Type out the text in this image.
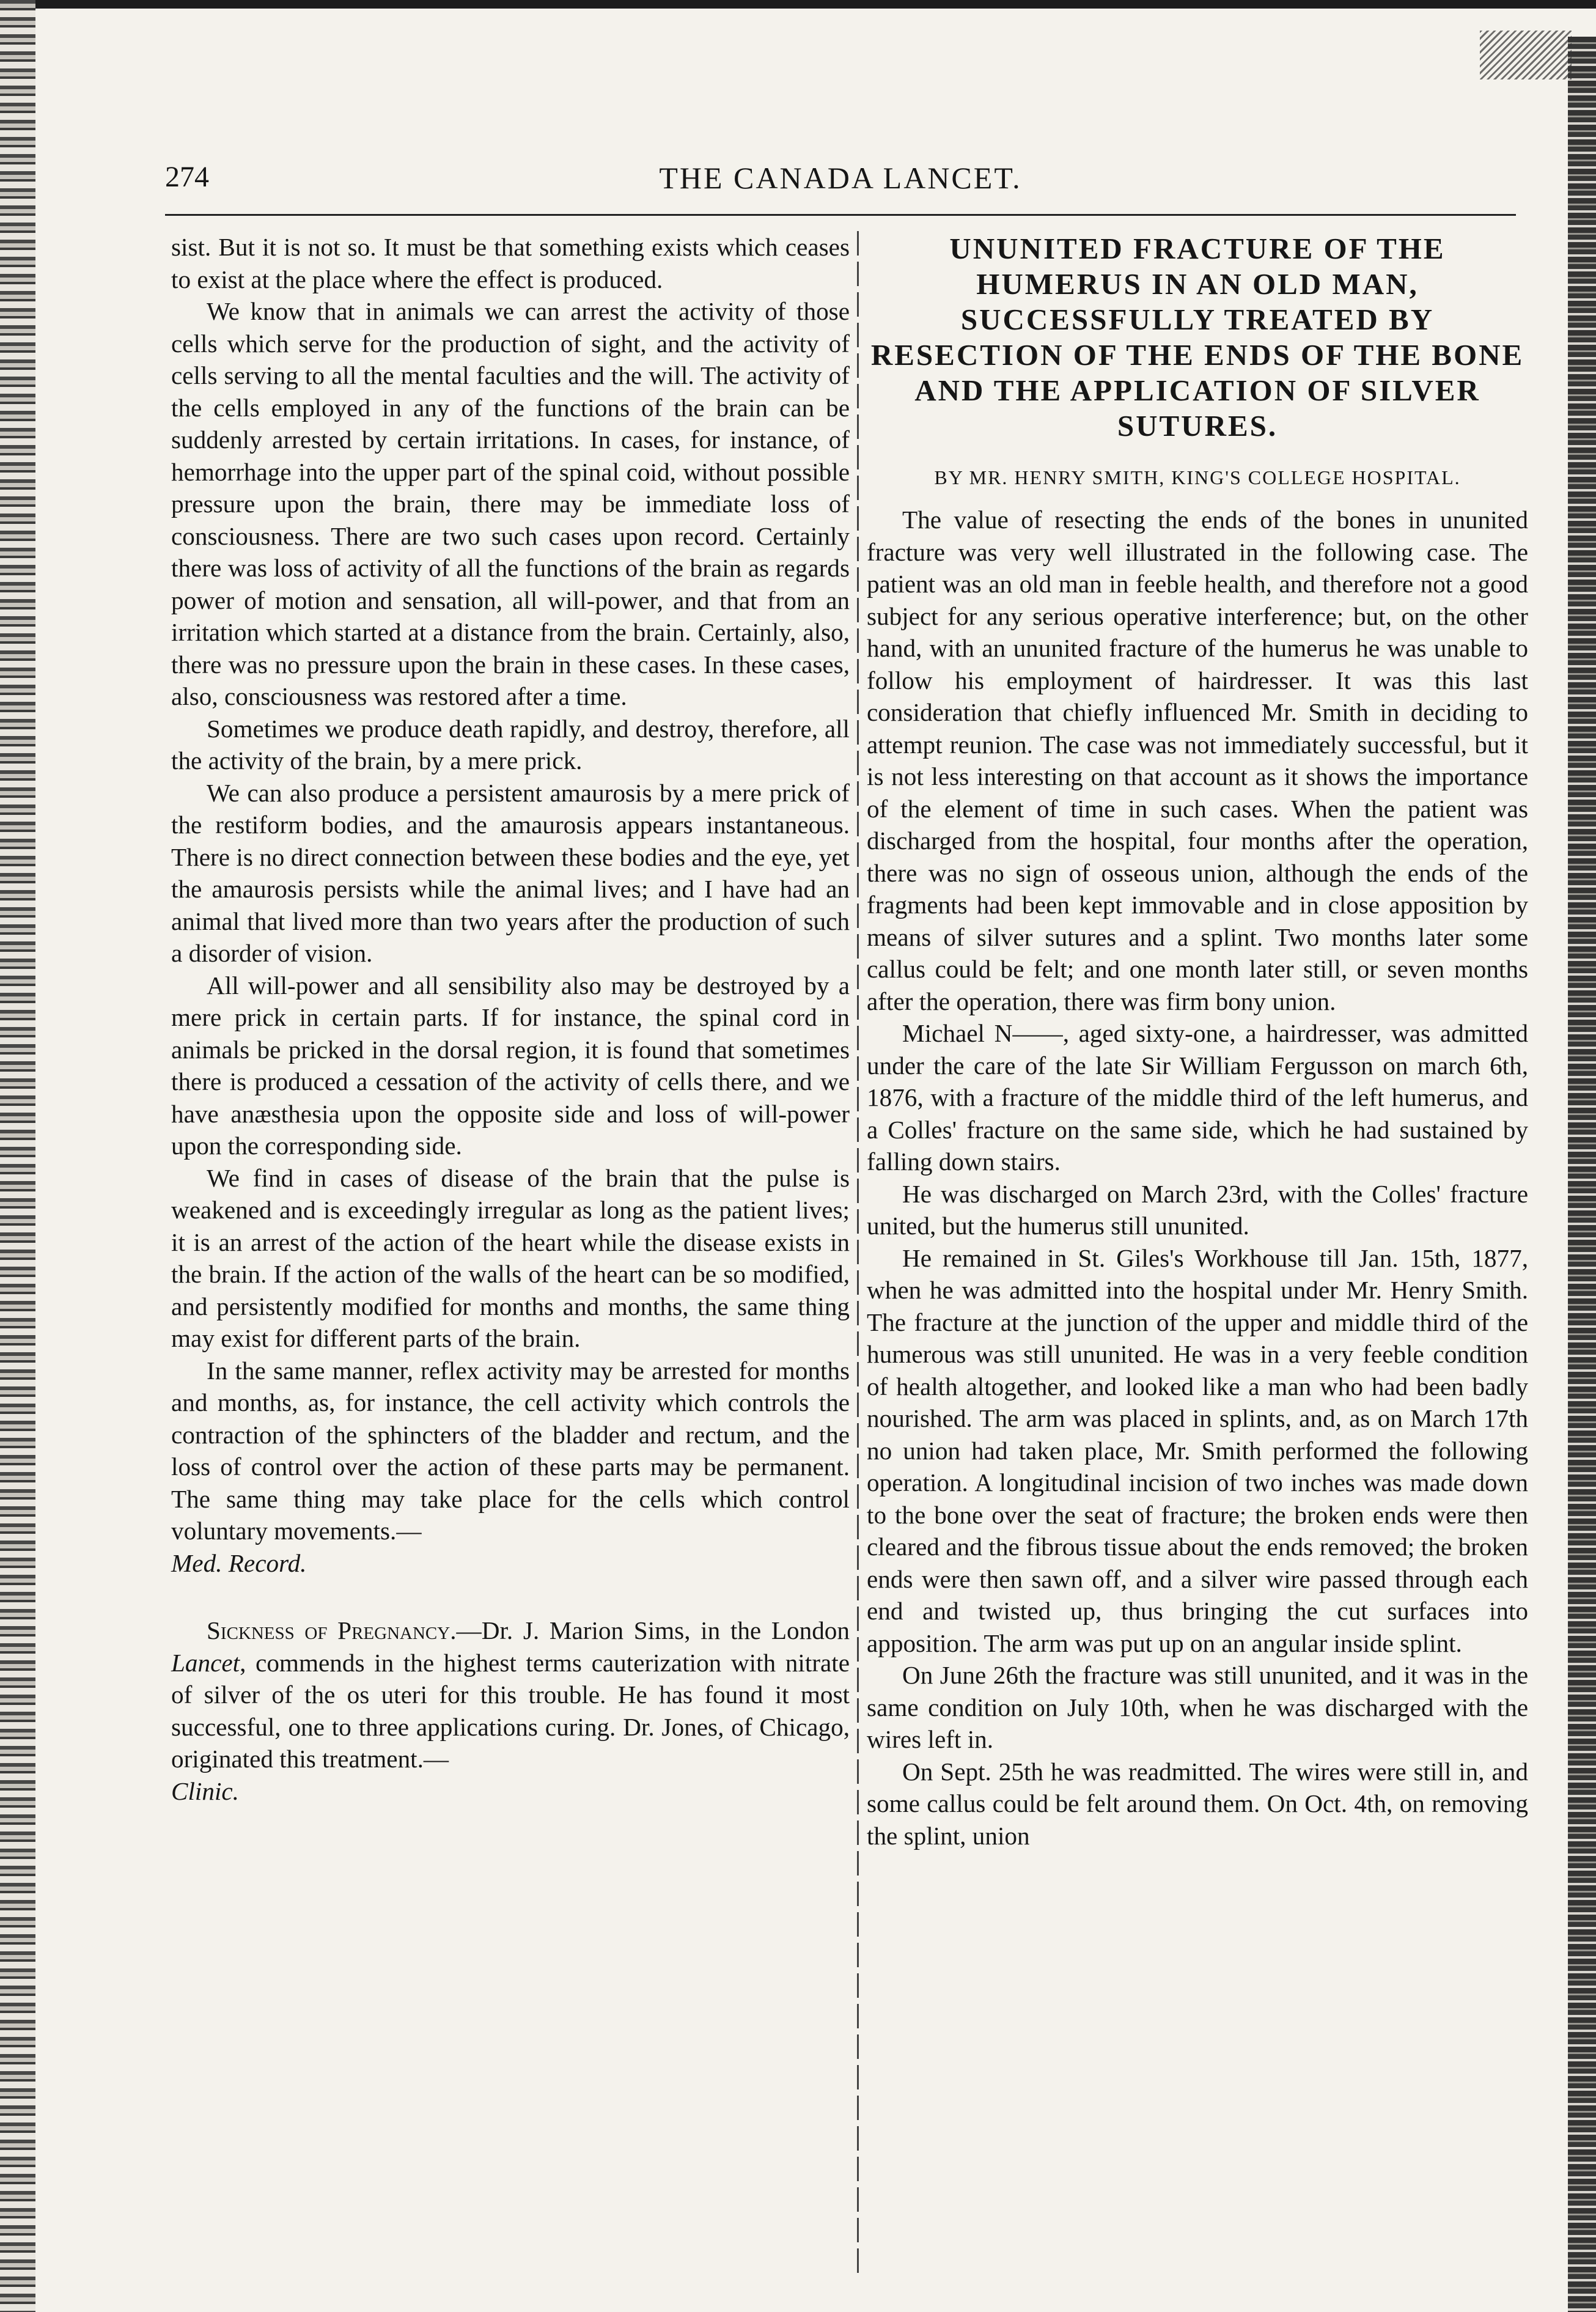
274	THE CANADA LANCET.

sist. But it is not so. It must be that something exists which ceases to exist at the place where the effect is produced.

We know that in animals we can arrest the activity of those cells which serve for the production of sight, and the activity of cells serving to all the mental faculties and the will. The activity of the cells employed in any of the functions of the brain can be suddenly arrested by certain irritations. In cases, for instance, of hemorrhage into the upper part of the spinal coid, without possible pressure upon the brain, there may be immediate loss of consciousness. There are two such cases upon record. Certainly there was loss of activity of all the functions of the brain as regards power of motion and sensation, all will-power, and that from an irritation which started at a distance from the brain. Certainly, also, there was no pressure upon the brain in these cases. In these cases, also, consciousness was restored after a time.

Sometimes we produce death rapidly, and destroy, therefore, all the activity of the brain, by a mere prick.

We can also produce a persistent amaurosis by a mere prick of the restiform bodies, and the amaurosis appears instantaneous. There is no direct connection between these bodies and the eye, yet the amaurosis persists while the animal lives; and I have had an animal that lived more than two years after the production of such a disorder of vision.

All will-power and all sensibility also may be destroyed by a mere prick in certain parts. If for instance, the spinal cord in animals be pricked in the dorsal region, it is found that sometimes there is produced a cessation of the activity of cells there, and we have anæsthesia upon the opposite side and loss of will-power upon the corresponding side.

We find in cases of disease of the brain that the pulse is weakened and is exceedingly irregular as long as the patient lives; it is an arrest of the action of the heart while the disease exists in the brain. If the action of the walls of the heart can be so modified, and persistently modified for months and months, the same thing may exist for different parts of the brain.

In the same manner, reflex activity may be arrested for months and months, as, for instance, the cell activity which controls the contraction of the sphincters of the bladder and rectum, and the loss of control over the action of these parts may be permanent. The same thing may take place for the cells which control voluntary movements.—

Med. Record.

Sickness of Pregnancy.—Dr. J. Marion Sims, in the London Lancet, commends in the highest terms cauterization with nitrate of silver of the os uteri for this trouble. He has found it most successful, one to three applications curing. Dr. Jones, of Chicago, originated this treatment.—

Clinic.

UNUNITED FRACTURE OF THE HUMERUS IN AN OLD MAN, SUCCESSFULLY TREATED BY RESECTION OF THE ENDS OF THE BONE AND THE APPLICATION OF SILVER SUTURES.
BY MR. HENRY SMITH, KING'S COLLEGE HOSPITAL.

The value of resecting the ends of the bones in ununited fracture was very well illustrated in the following case. The patient was an old man in feeble health, and therefore not a good subject for any serious operative interference; but, on the other hand, with an ununited fracture of the humerus he was unable to follow his employment of hairdresser. It was this last consideration that chiefly influenced Mr. Smith in deciding to attempt reunion. The case was not immediately successful, but it is not less interesting on that account as it shows the importance of the element of time in such cases. When the patient was discharged from the hospital, four months after the operation, there was no sign of osseous union, although the ends of the fragments had been kept immovable and in close apposition by means of silver sutures and a splint. Two months later some callus could be felt; and one month later still, or seven months after the operation, there was firm bony union.

Michael N——, aged sixty-one, a hairdresser, was admitted under the care of the late Sir William Fergusson on march 6th, 1876, with a fracture of the middle third of the left humerus, and a Colles' fracture on the same side, which he had sustained by falling down stairs.

He was discharged on March 23rd, with the Colles' fracture united, but the humerus still ununited.

He remained in St. Giles's Workhouse till Jan. 15th, 1877, when he was admitted into the hospital under Mr. Henry Smith. The fracture at the junction of the upper and middle third of the humerous was still ununited. He was in a very feeble condition of health altogether, and looked like a man who had been badly nourished. The arm was placed in splints, and, as on March 17th no union had taken place, Mr. Smith performed the following operation. A longitudinal incision of two inches was made down to the bone over the seat of fracture; the broken ends were then cleared and the fibrous tissue about the ends removed; the broken ends were then sawn off, and a silver wire passed through each end and twisted up, thus bringing the cut surfaces into apposition. The arm was put up on an angular inside splint.

On June 26th the fracture was still ununited, and it was in the same condition on July 10th, when he was discharged with the wires left in.

On Sept. 25th he was readmitted. The wires were still in, and some callus could be felt around them. On Oct. 4th, on removing the splint, union
